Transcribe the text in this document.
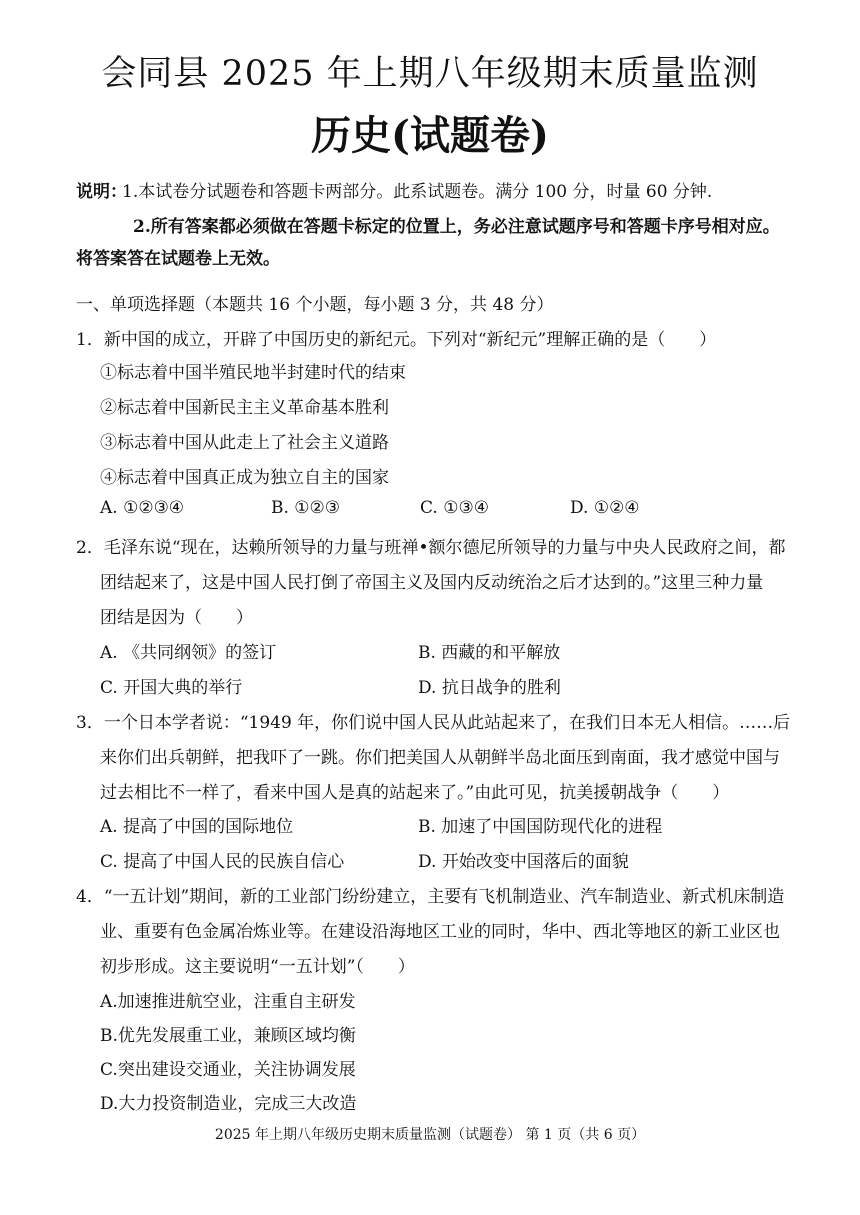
会同县 2025 年上期八年级期末质量监测
历史(试题卷)
说明：
1.本试卷分试题卷和答题卡两部分。此系试题卷。满分 100 分，时量 60 分钟.
2.所有答案都必须做在答题卡标定的位置上，务必注意试题序号和答题卡序号相对应。
将答案答在试题卷上无效。
一、单项选择题（本题共 16 个小题，每小题 3 分，共 48 分）
1．新中国的成立，开辟了中国历史的新纪元。下列对“新纪元”理解正确的是（　　）
①标志着中国半殖民地半封建时代的结束
②标志着中国新民主主义革命基本胜利
③标志着中国从此走上了社会主义道路
④标志着中国真正成为独立自主的国家
A. ①②③④	B. ①②③	C. ①③④	D. ①②④
2．毛泽东说“现在，达赖所领导的力量与班禅•额尔德尼所领导的力量与中央人民政府之间，都
团结起来了，这是中国人民打倒了帝国主义及国内反动统治之后才达到的。”这里三种力量
团结是因为（　　）
A. 《共同纲领》的签订	B. 西藏的和平解放
C. 开国大典的举行	D. 抗日战争的胜利
3．一个日本学者说：“1949 年，你们说中国人民从此站起来了，在我们日本无人相信。……后
来你们出兵朝鲜，把我吓了一跳。你们把美国人从朝鲜半岛北面压到南面，我才感觉中国与
过去相比不一样了，看来中国人是真的站起来了。”由此可见，抗美援朝战争（　　）
A. 提高了中国的国际地位	B. 加速了中国国防现代化的进程
C. 提高了中国人民的民族自信心	D. 开始改变中国落后的面貌
4．“一五计划”期间，新的工业部门纷纷建立，主要有飞机制造业、汽车制造业、新式机床制造
业、重要有色金属冶炼业等。在建设沿海地区工业的同时，华中、西北等地区的新工业区也
初步形成。这主要说明“一五计划”（　　）
A.加速推进航空业，注重自主研发
B.优先发展重工业，兼顾区域均衡
C.突出建设交通业，关注协调发展
D.大力投资制造业，完成三大改造
2025 年上期八年级历史期末质量监测（试题卷） 第 1 页（共 6 页）
